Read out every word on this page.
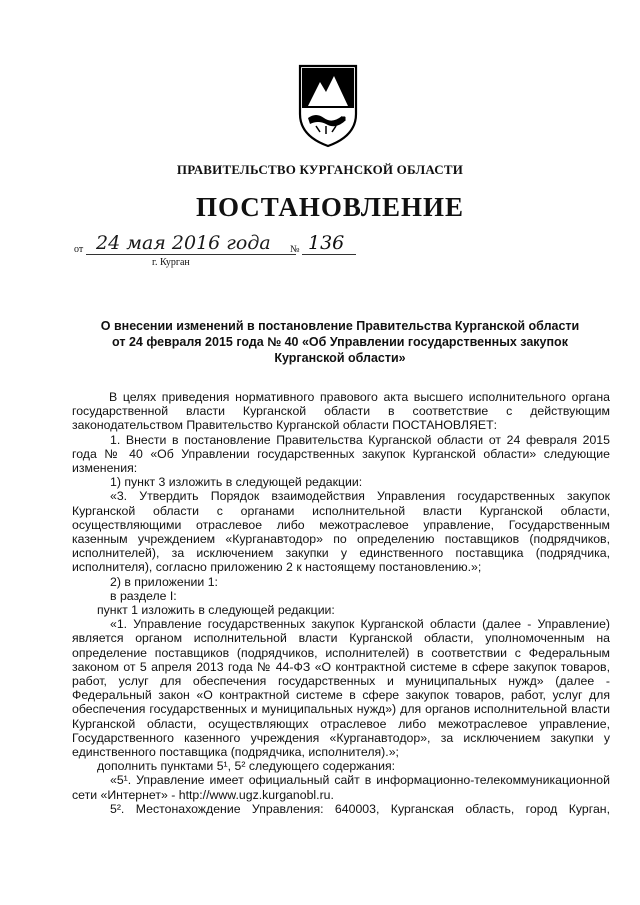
ПРАВИТЕЛЬСТВО КУРГАНСКОЙ ОБЛАСТИ
ПОСТАНОВЛЕНИЕ
от 24 мая 2016 года	№ 136
г. Курган
О внесении изменений в постановление Правительства Курганской области
от 24 февраля 2015 года № 40 «Об Управлении государственных закупок
Курганской области»

В целях приведения нормативного правового акта высшего исполнительного органа государственной власти Курганской области в соответствие с действующим законодательством Правительство Курганской области ПОСТАНОВЛЯЕТ:

1. Внести в постановление Правительства Курганской области от 24 февраля 2015 года № 40 «Об Управлении государственных закупок Курганской области» следующие изменения:

1) пункт 3 изложить в следующей редакции:

«3. Утвердить Порядок взаимодействия Управления государственных закупок Курганской области с органами исполнительной власти Курганской области, осуществляющими отраслевое либо межотраслевое управление, Государственным казенным учреждением «Курганавтодор» по определению поставщиков (подрядчиков, исполнителей), за исключением закупки у единственного поставщика (подрядчика, исполнителя), согласно приложению 2 к настоящему постановлению.»;

2) в приложении 1:

в разделе I:

пункт 1 изложить в следующей редакции:

«1. Управление государственных закупок Курганской области (далее - Управление) является органом исполнительной власти Курганской области, уполномоченным на определение поставщиков (подрядчиков, исполнителей) в соответствии с Федеральным законом от 5 апреля 2013 года № 44-ФЗ «О контрактной системе в сфере закупок товаров, работ, услуг для обеспечения государственных и муниципальных нужд» (далее - Федеральный закон «О контрактной системе в сфере закупок товаров, работ, услуг для обеспечения государственных и муниципальных нужд») для органов исполнительной власти Курганской области, осуществляющих отраслевое либо межотраслевое управление, Государственного казенного учреждения «Курганавтодор», за исключением закупки у единственного поставщика (подрядчика, исполнителя).»;

дополнить пунктами 5¹, 5² следующего содержания:

«5¹. Управление имеет официальный сайт в информационно-телекоммуникационной сети «Интернет» - http://www.ugz.kurganobl.ru.

5². Местонахождение Управления: 640003, Курганская область, город Курган,
